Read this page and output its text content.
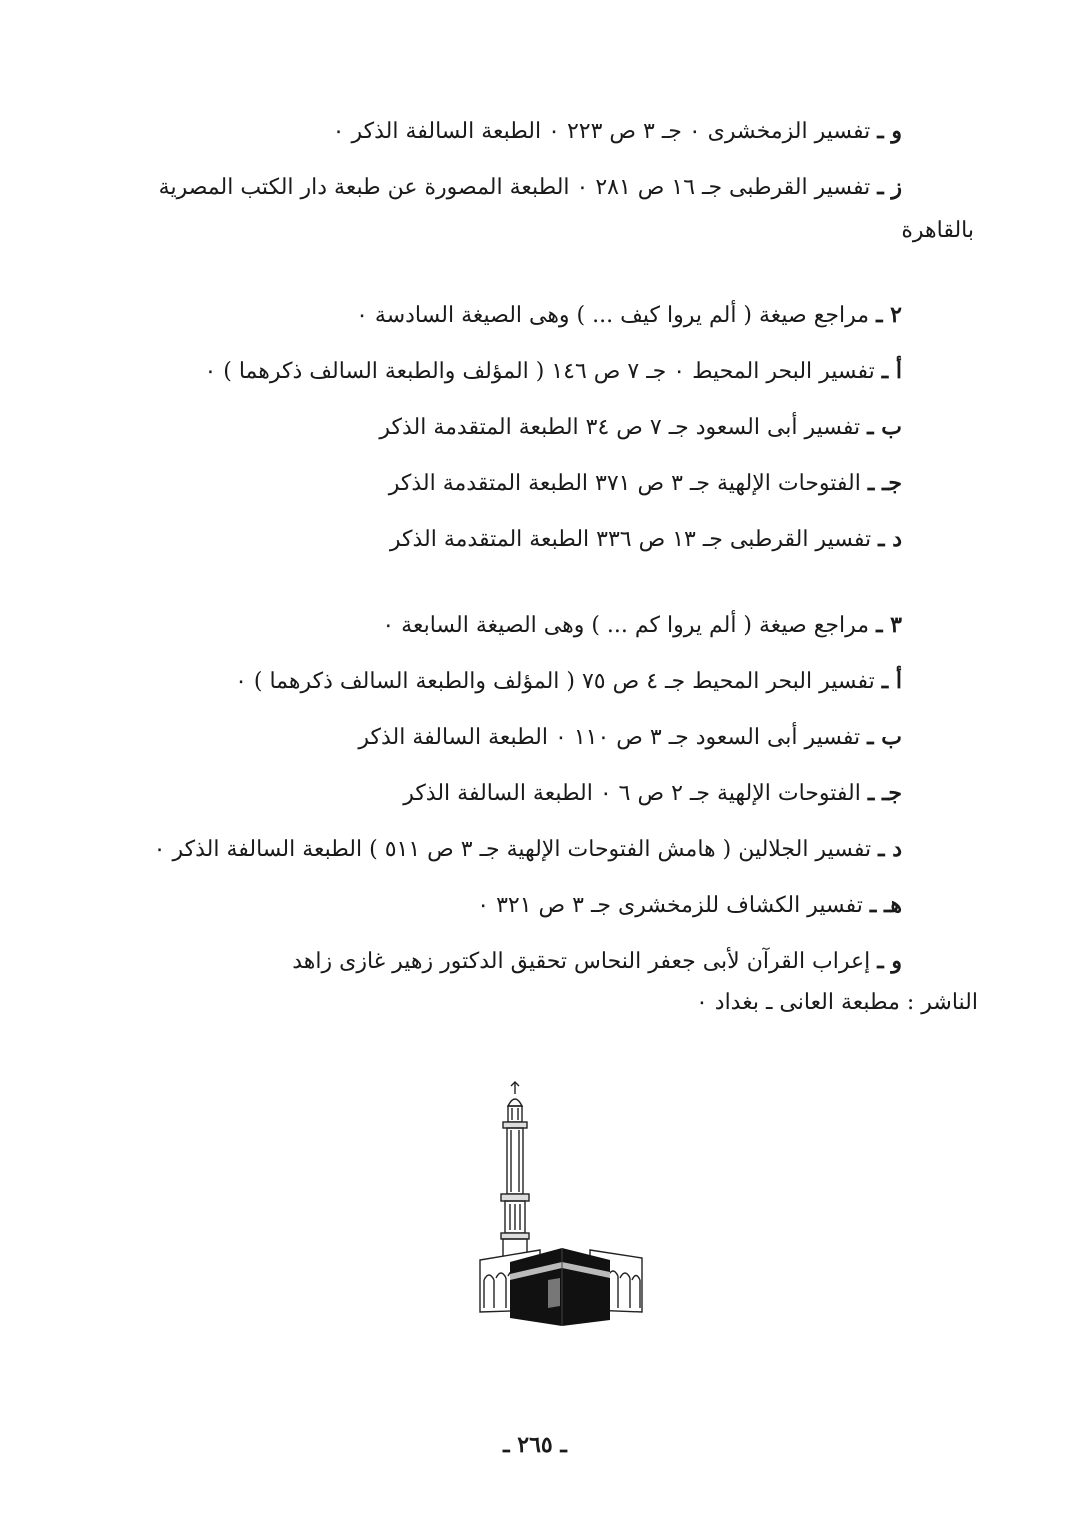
و ـ تفسير الزمخشرى ٠ جـ ٣ ص ٢٢٣ ٠ الطبعة السالفة الذكر ٠
ز ـ تفسير القرطبى جـ ١٦ ص ٢٨١ ٠ الطبعة المصورة عن طبعة دار الكتب المصرية
بالقاهرة
٢ ـ مراجع صيغة ( ألم يروا كيف ... ) وهى الصيغة السادسة ٠
أ ـ تفسير البحر المحيط ٠ جـ ٧ ص ١٤٦ ( المؤلف والطبعة السالف ذكرهما ) ٠
ب ـ تفسير أبى السعود جـ ٧ ص ٣٤ الطبعة المتقدمة الذكر
جـ ـ الفتوحات الإلهية جـ ٣ ص ٣٧١ الطبعة المتقدمة الذكر
د ـ تفسير القرطبى جـ ١٣ ص ٣٣٦ الطبعة المتقدمة الذكر
٣ ـ مراجع صيغة ( ألم يروا كم ... ) وهى الصيغة السابعة ٠
أ ـ تفسير البحر المحيط جـ ٤ ص ٧٥ ( المؤلف والطبعة السالف ذكرهما ) ٠
ب ـ تفسير أبى السعود جـ ٣ ص ١١٠ ٠ الطبعة السالفة الذكر
جـ ـ الفتوحات الإلهية جـ ٢ ص ٦ ٠ الطبعة السالفة الذكر
د ـ تفسير الجلالين ( هامش الفتوحات الإلهية جـ ٣ ص ٥١١ ) الطبعة السالفة الذكر ٠
هـ ـ تفسير الكشاف للزمخشرى جـ ٣ ص ٣٢١ ٠
و ـ إعراب القرآن لأبى جعفر النحاس تحقيق الدكتور زهير غازى زاهد
الناشر : مطبعة العانى ـ بغداد ٠
ـ ٢٦٥ ـ
